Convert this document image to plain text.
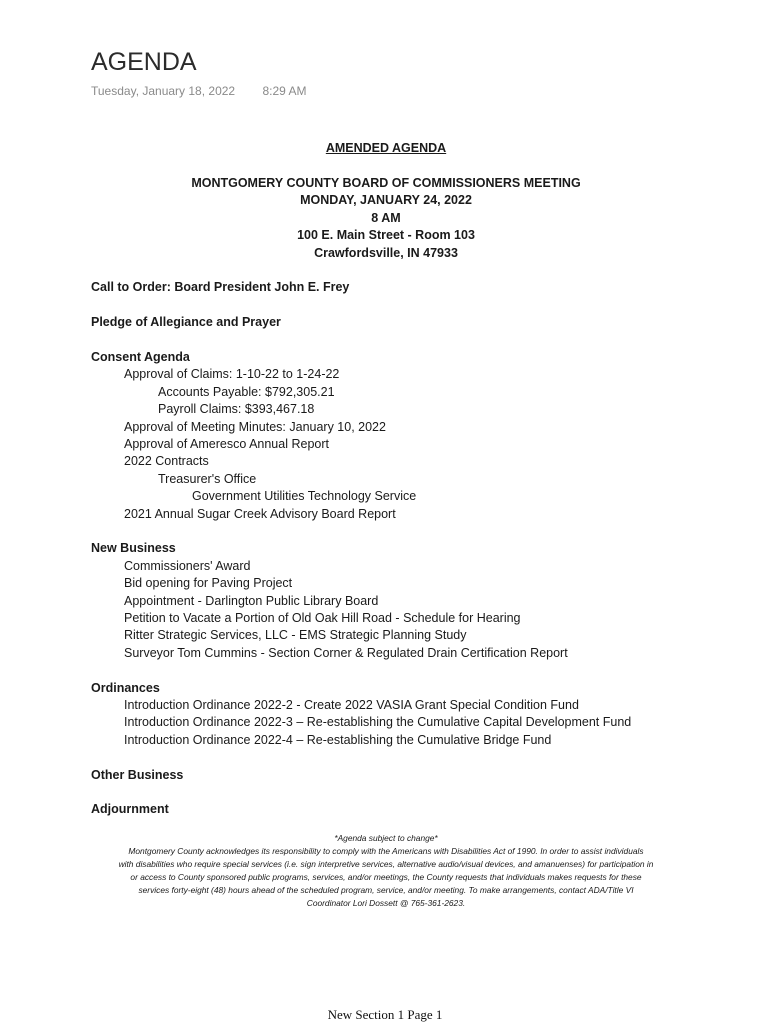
AGENDA
Tuesday, January 18, 2022 8:29 AM
AMENDED AGENDA
MONTGOMERY COUNTY BOARD OF COMMISSIONERS MEETING
MONDAY, JANUARY 24, 2022
8 AM
100 E. Main Street - Room 103
Crawfordsville, IN 47933
Call to Order: Board President John E. Frey
Pledge of Allegiance and Prayer
Consent Agenda
Approval of Claims: 1-10-22 to 1-24-22
Accounts Payable: $792,305.21
Payroll Claims: $393,467.18
Approval of Meeting Minutes: January 10, 2022
Approval of Ameresco Annual Report
2022 Contracts
Treasurer's Office
Government Utilities Technology Service
2021 Annual Sugar Creek Advisory Board Report
New Business
Commissioners' Award
Bid opening for Paving Project
Appointment - Darlington Public Library Board
Petition to Vacate a Portion of Old Oak Hill Road - Schedule for Hearing
Ritter Strategic Services, LLC - EMS Strategic Planning Study
Surveyor Tom Cummins - Section Corner & Regulated Drain Certification Report
Ordinances
Introduction Ordinance 2022-2 - Create 2022 VASIA Grant Special Condition Fund
Introduction Ordinance 2022-3 – Re-establishing the Cumulative Capital Development Fund
Introduction Ordinance 2022-4 – Re-establishing the Cumulative Bridge Fund
Other Business
Adjournment
*Agenda subject to change*
Montgomery County acknowledges its responsibility to comply with the Americans with Disabilities Act of 1990. In order to assist individuals
with disabilities who require special services (i.e. sign interpretive services, alternative audio/visual devices, and amanuenses) for participation in
or access to County sponsored public programs, services, and/or meetings, the County requests that individuals makes requests for these
services forty-eight (48) hours ahead of the scheduled program, service, and/or meeting. To make arrangements, contact ADA/Title VI
Coordinator Lori Dossett @ 765-361-2623.
New Section 1 Page 1
